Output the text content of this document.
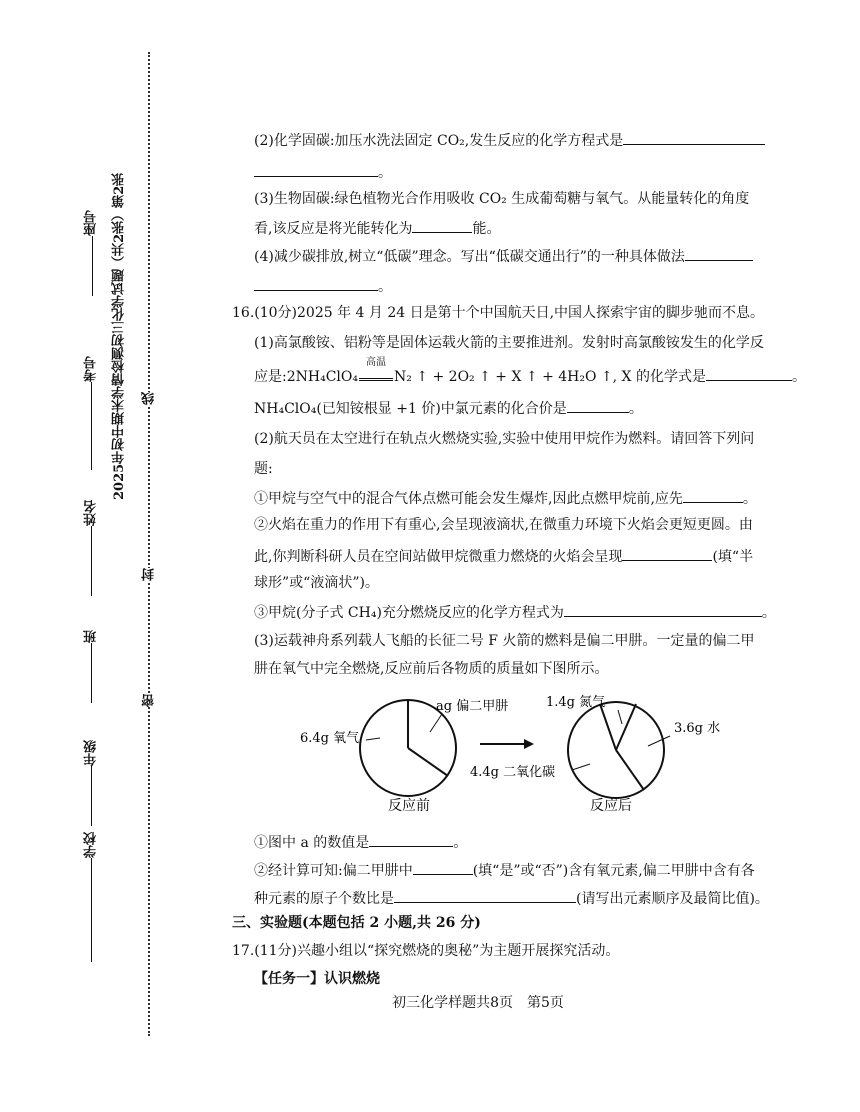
封
线
密
2025年初中期末学情检测初三化学试题（共2张）第2张
座号
考号
姓名
班
年级
学校
(2)化学固碳:加压水洗法固定 CO₂,发生反应的化学方程式是
。
(3)生物固碳:绿色植物光合作用吸收 CO₂ 生成葡萄糖与氧气。从能量转化的角度
看,该反应是将光能转化为	能。
(4)减少碳排放,树立“低碳”理念。写出“低碳交通出行”的一种具体做法
。
16.(10分)2025 年 4 月 24 日是第十个中国航天日,中国人探索宇宙的脚步驰而不息。
(1)高氯酸铵、铝粉等是固体运载火箭的主要推进剂。发射时高氯酸铵发生的化学反
应是:2NH₄ClO₄
高温
N₂ ↑ + 2O₂ ↑ + X ↑ + 4H₂O ↑, X 的化学式是	。
NH₄ClO₄(已知铵根显 +1 价)中氯元素的化合价是	。
(2)航天员在太空进行在轨点火燃烧实验,实验中使用甲烷作为燃料。请回答下列问
题:
①甲烷与空气中的混合气体点燃可能会发生爆炸,因此点燃甲烷前,应先	。
②火焰在重力的作用下有重心,会呈现液滴状,在微重力环境下火焰会更短更圆。由
此,你判断科研人员在空间站做甲烷微重力燃烧的火焰会呈现	(填“半
球形”或“液滴状”)。
③甲烷(分子式 CH₄)充分燃烧反应的化学方程式为	。
(3)运载神舟系列载人飞船的长征二号 F 火箭的燃料是偏二甲肼。一定量的偏二甲
肼在氧气中完全燃烧,反应前后各物质的质量如下图所示。
ag 偏二甲肼
6.4g 氧气
反应前
1.4g 氮气
3.6g 水
4.4g 二氧化碳
反应后
①图中 a 的数值是	。
②经计算可知:偏二甲肼中	(填“是”或“否”)含有氧元素,偏二甲肼中含有各
种元素的原子个数比是	(请写出元素顺序及最简比值)。
三、实验题(本题包括 2 小题,共 26 分)
17.(11分)兴趣小组以“探究燃烧的奥秘”为主题开展探究活动。
【任务一】认识燃烧
初三化学样题共8页　第5页
